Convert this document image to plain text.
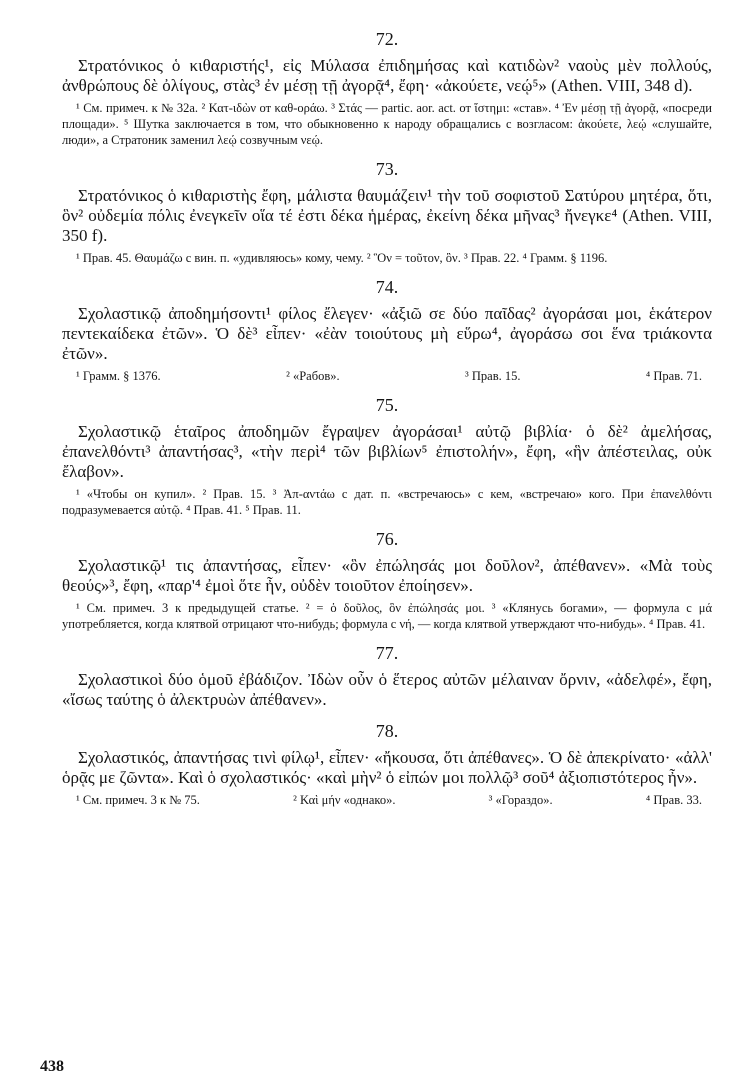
72.

Στρατόνικος ὁ κιθαριστής¹, εἰς Μύλασα ἐπιδημήσας καὶ κατιδὼν² ναοὺς μὲν πολλούς, ἀνθρώπους δὲ ὀλίγους, στὰς³ ἐν μέσῃ τῇ ἀγορᾷ⁴, ἔφη· «ἀκούετε, νεῴ⁵» (Athen. VIII, 348 d).

¹ См. примеч. к № 32а. ² Κατ-ιδὼν от καθ-οράω. ³ Στάς — partic. aor. act. от ἵστημι: «став». ⁴ Ἐν μέσῃ τῇ ἀγορᾷ, «посреди площади». ⁵ Шутка заключается в том, что обыкновенно к народу обращались с возгласом: ἀκούετε, λεῴ «слушайте, люди», а Стратоник заменил λεῴ созвучным νεῴ.

73.

Στρατόνικος ὁ κιθαριστὴς ἔφη, μάλιστα θαυμάζειν¹ τὴν τοῦ σοφιστοῦ Σατύρου μητέρα, ὅτι, ὃν² οὐδεμία πόλις ἐνεγκεῖν οἵα τέ ἐστι δέκα ἡμέρας, ἐκείνη δέκα μῆνας³ ἤνεγκε⁴ (Athen. VIII, 350 f).

¹ Прав. 45. Θαυμάζω с вин. п. «удивляюсь» кому, чему. ² Ὃν = τοῦτον, ὃν. ³ Прав. 22. ⁴ Грамм. § 1196.

74.

Σχολαστικῷ ἀποδημήσοντι¹ φίλος ἔλεγεν· «ἀξιῶ σε δύο παῖδας² ἀγοράσαι μοι, ἑκάτερον πεντεκαίδεκα ἐτῶν». Ὁ δὲ³ εἶπεν· «ἐὰν τοιούτους μὴ εὕρω⁴, ἀγοράσω σοι ἕνα τριάκοντα ἐτῶν».

¹ Грамм. § 1376.	² «Рабов».	³ Прав. 15.	⁴ Прав. 71.
75.

Σχολαστικῷ ἑταῖρος ἀποδημῶν ἔγραψεν ἀγοράσαι¹ αὐτῷ βιβλία· ὁ δὲ² ἀμελήσας, ἐπανελθόντι³ ἀπαντήσας³, «τὴν περὶ⁴ τῶν βιβλίων⁵ ἐπιστολήν», ἔφη, «ἣν ἀπέστειλας, οὐκ ἔλαβον».

¹ «Чтобы он купил». ² Прав. 15. ³ Ἀπ-αντάω с дат. п. «встречаюсь» с кем, «встречаю» кого. При ἐπανελθόντι подразумевается αὐτῷ. ⁴ Прав. 41. ⁵ Прав. 11.

76.

Σχολαστικῷ¹ τις ἀπαντήσας, εἶπεν· «ὃν ἐπώλησάς μοι δοῦλον², ἀπέθανεν». «Μὰ τοὺς θεούς»³, ἔφη, «παρ'⁴ ἐμοὶ ὅτε ἦν, οὐδὲν τοιοῦτον ἐποίησεν».

¹ См. примеч. 3 к предыдущей статье. ² = ὁ δοῦλος, ὃν ἐπώλησάς μοι. ³ «Клянусь богами», — формула с μά употребляется, когда клятвой отрицают что-нибудь; формула с νή, — когда клятвой утверждают что-нибудь». ⁴ Прав. 41.

77.

Σχολαστικοὶ δύο ὁμοῦ ἐβάδιζον. Ἰδὼν οὖν ὁ ἕτερος αὐτῶν μέλαιναν ὄρνιν, «ἀδελφέ», ἔφη, «ἴσως ταύτης ὁ ἀλεκτρυὼν ἀπέθανεν».

78.

Σχολαστικός, ἀπαντήσας τινὶ φίλῳ¹, εἶπεν· «ἤκουσα, ὅτι ἀπέθανες». Ὁ δὲ ἀπεκρίνατο· «ἀλλ' ὁρᾷς με ζῶντα». Καὶ ὁ σχολαστικός· «καὶ μὴν² ὁ εἰπών μοι πολλῷ³ σοῦ⁴ ἀξιοπιστότερος ἦν».

¹ См. примеч. 3 к № 75.	² Καὶ μήν «однако».	³ «Гораздо».	⁴ Прав. 33.
438
